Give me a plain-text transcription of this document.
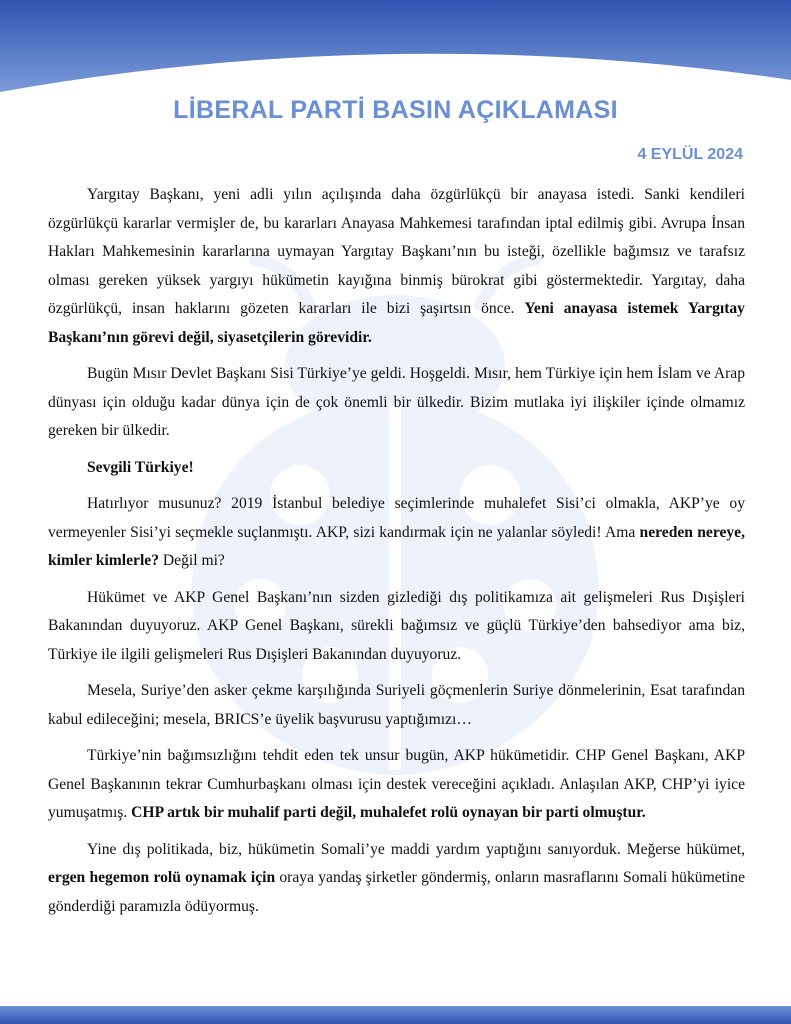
LİBERAL PARTİ BASIN AÇIKLAMASI

4 EYLÜL 2024

Yargıtay Başkanı, yeni adli yılın açılışında daha özgürlükçü bir anayasa istedi. Sanki kendileri özgürlükçü kararlar vermişler de, bu kararları Anayasa Mahkemesi tarafından iptal edilmiş gibi. Avrupa İnsan Hakları Mahkemesinin kararlarına uymayan Yargıtay Başkanı’nın bu isteği, özellikle bağımsız ve tarafsız olması gereken yüksek yargıyı hükümetin kayığına binmiş bürokrat gibi göstermektedir. Yargıtay, daha özgürlükçü, insan haklarını gözeten kararları ile bizi şaşırtsın önce. Yeni anayasa istemek Yargıtay Başkanı’nın görevi değil, siyasetçilerin görevidir.

Bugün Mısır Devlet Başkanı Sisi Türkiye’ye geldi. Hoşgeldi. Mısır, hem Türkiye için hem İslam ve Arap dünyası için olduğu kadar dünya için de çok önemli bir ülkedir. Bizim mutlaka iyi ilişkiler içinde olmamız gereken bir ülkedir.

Sevgili Türkiye!

Hatırlıyor musunuz? 2019 İstanbul belediye seçimlerinde muhalefet Sisi’ci olmakla, AKP’ye oy vermeyenler Sisi’yi seçmekle suçlanmıştı. AKP, sizi kandırmak için ne yalanlar söyledi! Ama nereden nereye, kimler kimlerle? Değil mi?

Hükümet ve AKP Genel Başkanı’nın sizden gizlediği dış politikamıza ait gelişmeleri Rus Dışişleri Bakanından duyuyoruz. AKP Genel Başkanı, sürekli bağımsız ve güçlü Türkiye’den bahsediyor ama biz, Türkiye ile ilgili gelişmeleri Rus Dışişleri Bakanından duyuyoruz.

Mesela, Suriye’den asker çekme karşılığında Suriyeli göçmenlerin Suriye dönmelerinin, Esat tarafından kabul edileceğini; mesela, BRICS’e üyelik başvurusu yaptığımızı…

Türkiye’nin bağımsızlığını tehdit eden tek unsur bugün, AKP hükümetidir. CHP Genel Başkanı, AKP Genel Başkanının tekrar Cumhurbaşkanı olması için destek vereceğini açıkladı. Anlaşılan AKP, CHP’yi iyice yumuşatmış. CHP artık bir muhalif parti değil, muhalefet rolü oynayan bir parti olmuştur.

Yine dış politikada, biz, hükümetin Somali’ye maddi yardım yaptığını sanıyorduk. Meğerse hükümet, ergen hegemon rolü oynamak için oraya yandaş şirketler göndermiş, onların masraflarını Somali hükümetine gönderdiği paramızla ödüyormuş.
